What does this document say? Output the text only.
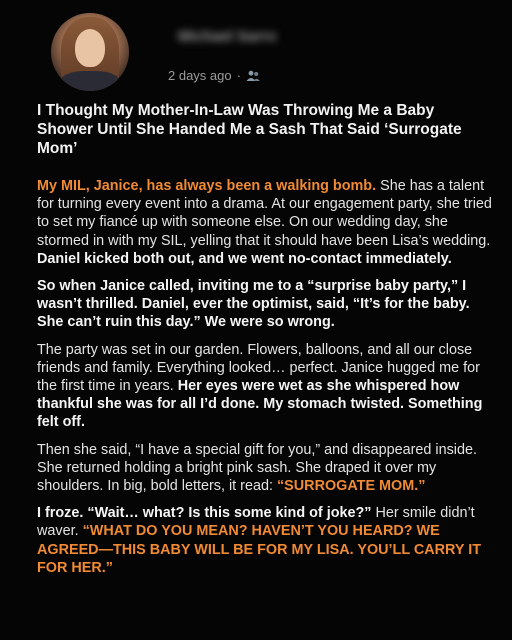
Michael Sarro
2 days ago ·
I Thought My Mother-In-Law Was Throwing Me a Baby Shower Until She Handed Me a Sash That Said ‘Surrogate Mom’

My MIL, Janice, has always been a walking bomb. She has a talent for turning every event into a drama. At our engagement party, she tried to set my fiancé up with someone else. On our wedding day, she stormed in with my SIL, yelling that it should have been Lisa’s wedding. Daniel kicked both out, and we went no-contact immediately.

So when Janice called, inviting me to a “surprise baby party,” I wasn’t thrilled. Daniel, ever the optimist, said, “It’s for the baby. She can’t ruin this day.” We were so wrong.

The party was set in our garden. Flowers, balloons, and all our close friends and family. Everything looked… perfect. Janice hugged me for the first time in years. Her eyes were wet as she whispered how thankful she was for all I’d done. My stomach twisted. Something felt off.

Then she said, “I have a special gift for you,” and disappeared inside. She returned holding a bright pink sash. She draped it over my shoulders. In big, bold letters, it read: “SURROGATE MOM.”

I froze. “Wait… what? Is this some kind of joke?” Her smile didn’t waver. “WHAT DO YOU MEAN? HAVEN’T YOU HEARD? WE AGREED—THIS BABY WILL BE FOR MY LISA. YOU’LL CARRY IT FOR HER.”
